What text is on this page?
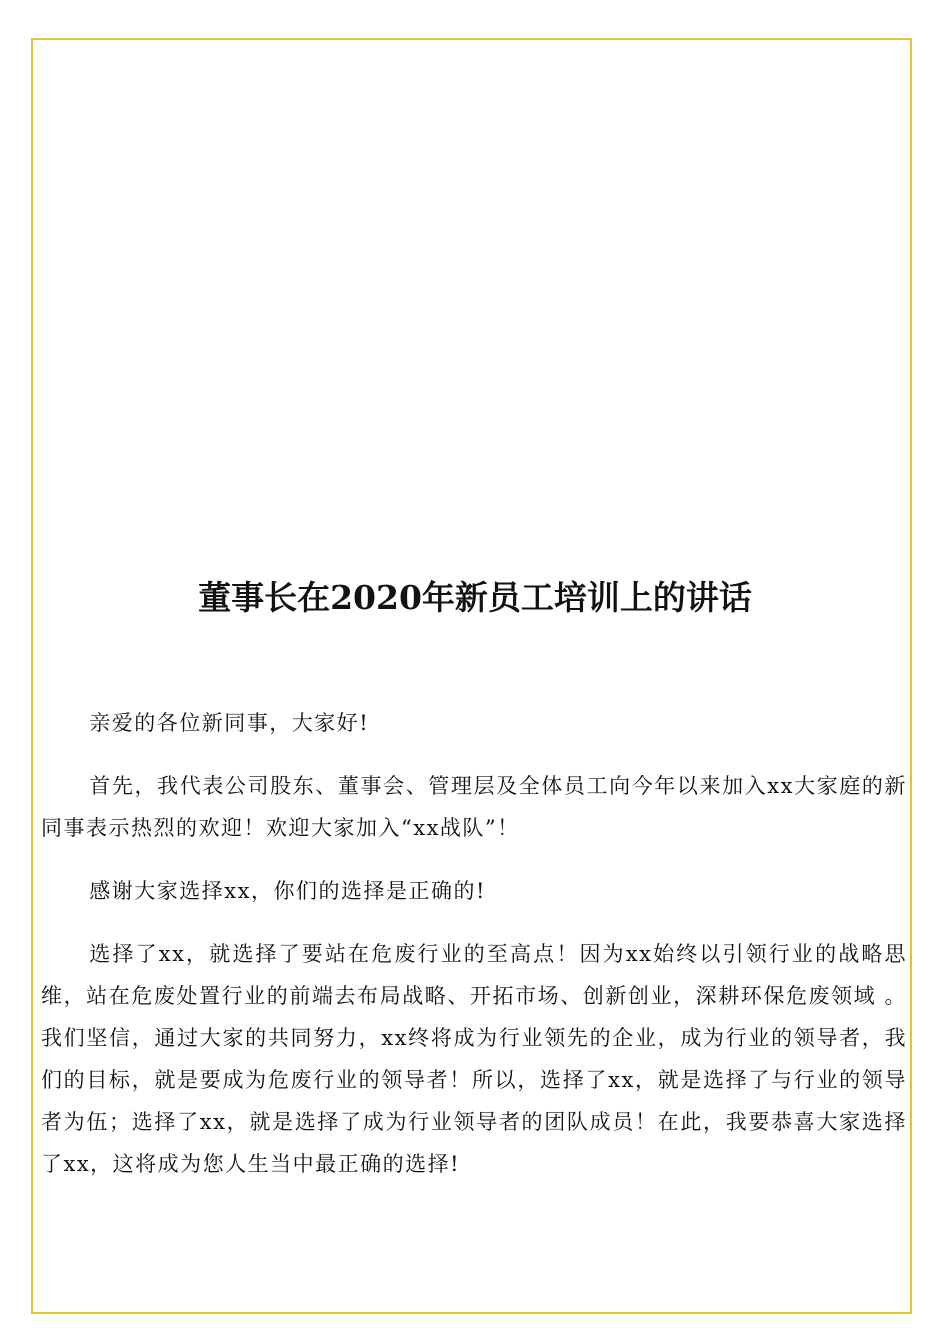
董事长在2020年新员工培训上的讲话

亲爱的各位新同事，大家好!

首先，我代表公司股东、董事会、管理层及全体员工向今年以来加入xx大家庭的新同事表示热烈的欢迎！欢迎大家加入“xx战队”！

感谢大家选择xx，你们的选择是正确的!

选择了xx，就选择了要站在危废行业的至高点！因为xx始终以引领行业的战略思维，站在危废处置行业的前端去布局战略、开拓市场、创新创业，深耕环保危废领域 。我们坚信，通过大家的共同努力，xx终将成为行业领先的企业，成为行业的领导者，我们的目标，就是要成为危废行业的领导者！所以，选择了xx，就是选择了与行业的领导者为伍；选择了xx，就是选择了成为行业领导者的团队成员！在此，我要恭喜大家选择了xx，这将成为您人生当中最正确的选择!
